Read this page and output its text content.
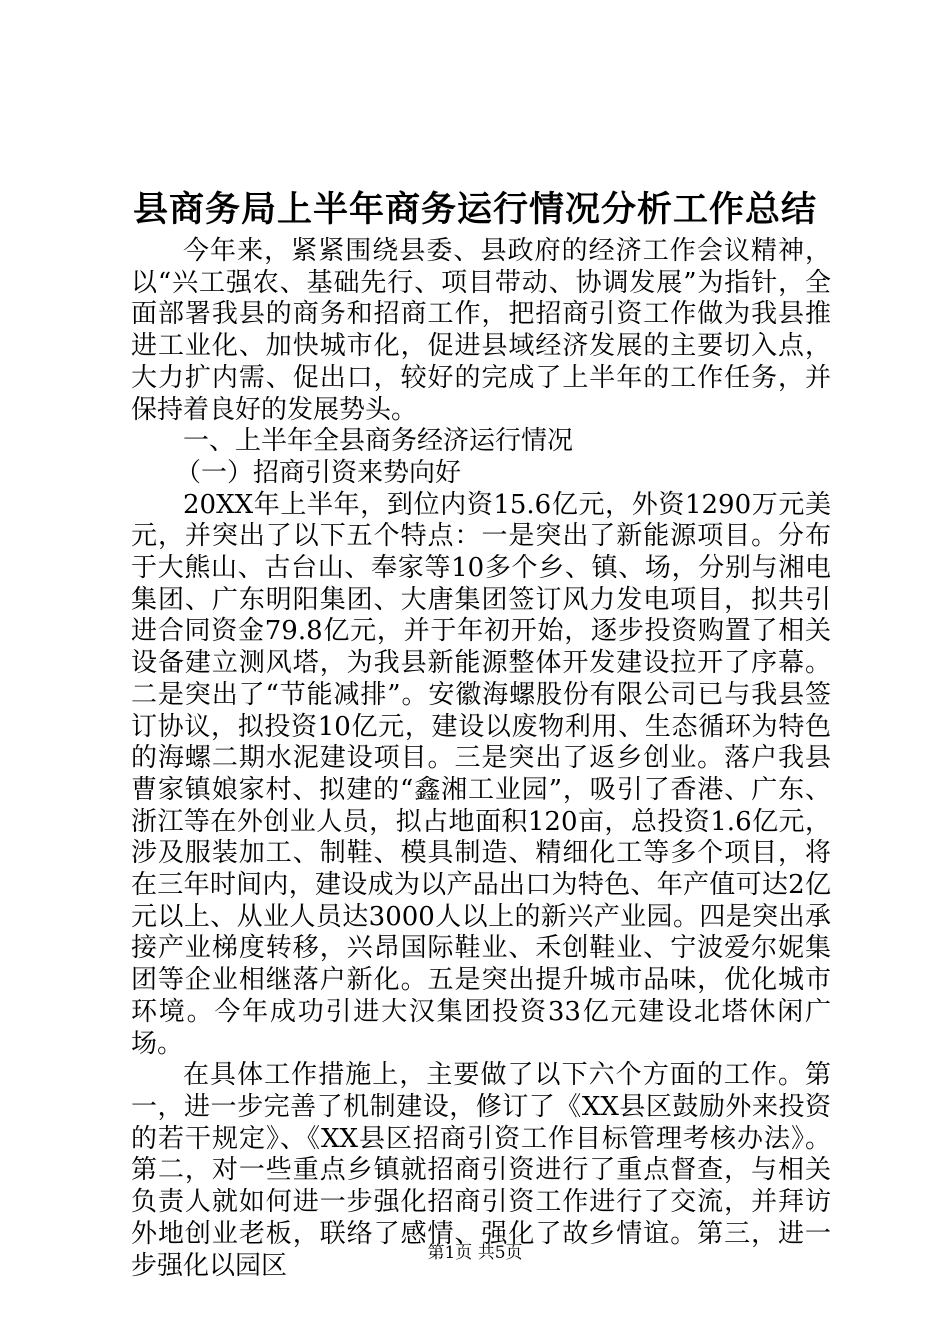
县商务局上半年商务运行情况分析工作总结

今年来，紧紧围绕县委、县政府的经济工作会议精神，以“兴工强农、基础先行、项目带动、协调发展”为指针，全面部署我县的商务和招商工作，把招商引资工作做为我县推进工业化、加快城市化，促进县域经济发展的主要切入点，大力扩内需、促出口，较好的完成了上半年的工作任务，并保持着良好的发展势头。

一、上半年全县商务经济运行情况

（一）招商引资来势向好

20XX年上半年，到位内资15.6亿元，外资1290万元美元，并突出了以下五个特点：一是突出了新能源项目。分布于大熊山、古台山、奉家等10多个乡、镇、场，分别与湘电集团、广东明阳集团、大唐集团签订风力发电项目，拟共引进合同资金79.8亿元，并于年初开始，逐步投资购置了相关设备建立测风塔，为我县新能源整体开发建设拉开了序幕。二是突出了“节能减排”。安徽海螺股份有限公司已与我县签订协议，拟投资10亿元，建设以废物利用、生态循环为特色的海螺二期水泥建设项目。三是突出了返乡创业。落户我县曹家镇娘家村、拟建的“鑫湘工业园”，吸引了香港、广东、浙江等在外创业人员，拟占地面积120亩，总投资1.6亿元，涉及服装加工、制鞋、模具制造、精细化工等多个项目，将在三年时间内，建设成为以产品出口为特色、年产值可达2亿元以上、从业人员达3000人以上的新兴产业园。四是突出承接产业梯度转移，兴昂国际鞋业、禾创鞋业、宁波爱尔妮集团等企业相继落户新化。五是突出提升城市品味，优化城市环境。今年成功引进大汉集团投资33亿元建设北塔休闲广场。

在具体工作措施上，主要做了以下六个方面的工作。第一，进一步完善了机制建设，修订了《XX县区鼓励外来投资的若干规定》、《XX县区招商引资工作目标管理考核办法》。第二，对一些重点乡镇就招商引资进行了重点督查，与相关负责人就如何进一步强化招商引资工作进行了交流，并拜访外地创业老板，联络了感情、强化了故乡情谊。第三，进一步强化以园区	第1页 共5页
